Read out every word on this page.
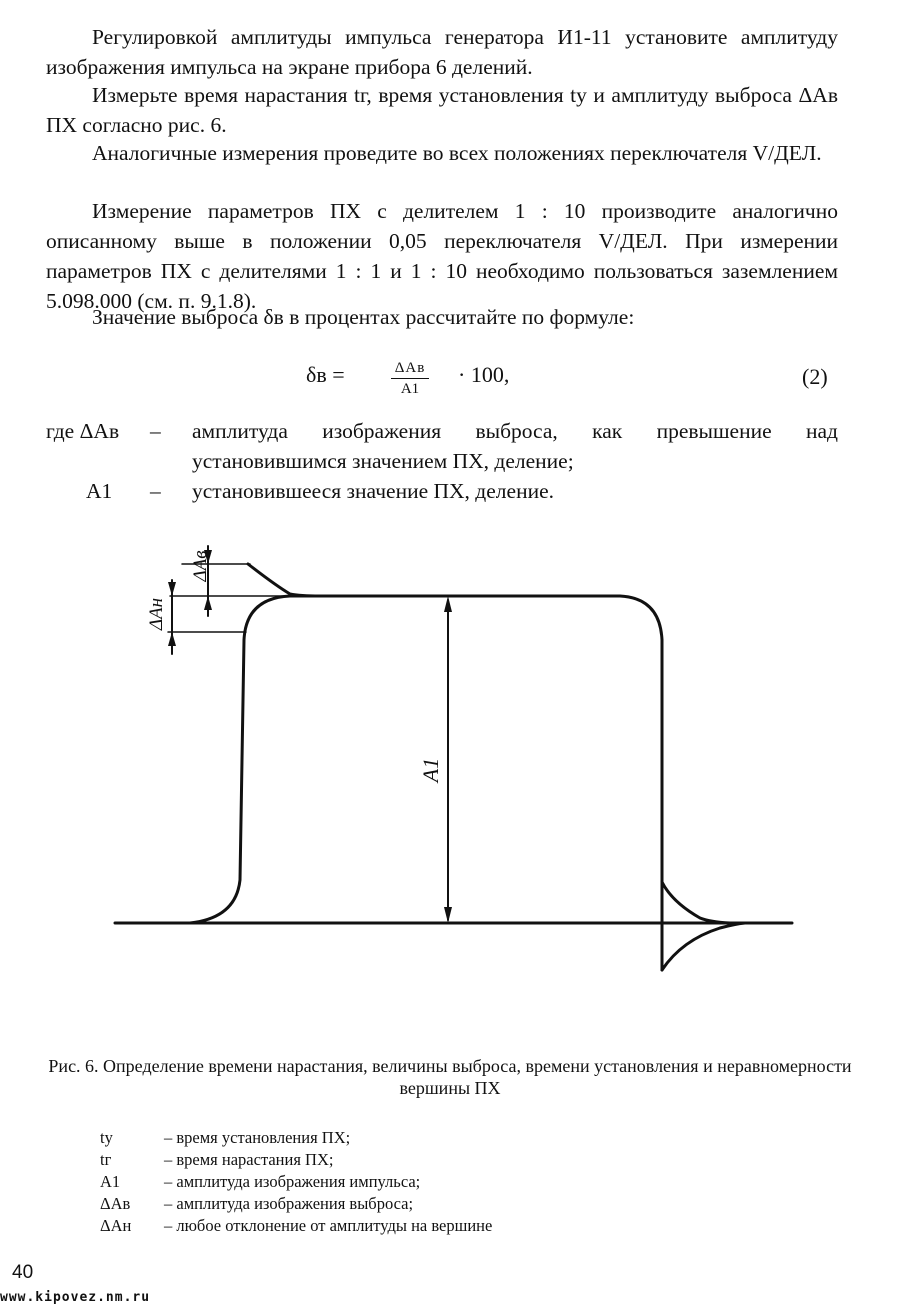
Регулировкой амплитуды импульса генератора И1-11 установите амплитуду изображения импульса на экране прибора 6 делений.

Измерьте время нарастания tг, время установления tу и амплитуду выброса ΔAв ПХ согласно рис. 6.

Аналогичные измерения проведите во всех положениях переключателя V/ДЕЛ.

Измерение параметров ПХ с делителем 1 : 10 производите аналогично описанному выше в положении 0,05 переключателя V/ДЕЛ. При измерении параметров ПХ с делителями 1 : 1 и 1 : 10 необходимо пользоваться заземлением 5.098.000 (см. п. 9.1.8).

Значение выброса δв в процентах рассчитайте по формуле:

δв =	ΔAв
A1
· 100,	(2)
где ΔAв – амплитуда изображения выброса, как превышение над установившимся значением ПХ, деление;
A1 – установившееся значение ПХ, деление.
A1
ΔAв
ΔAн
Рис. 6. Определение времени нарастания, величины выброса, времени установления и неравномерности вершины ПХ
tу	– время установления ПХ;
tг	– время нарастания ПХ;
A1	– амплитуда изображения импульса;
ΔAв – амплитуда изображения выброса;
ΔAн – любое отклонение от амплитуды на вершине
40
www.kipovez.nm.ru
